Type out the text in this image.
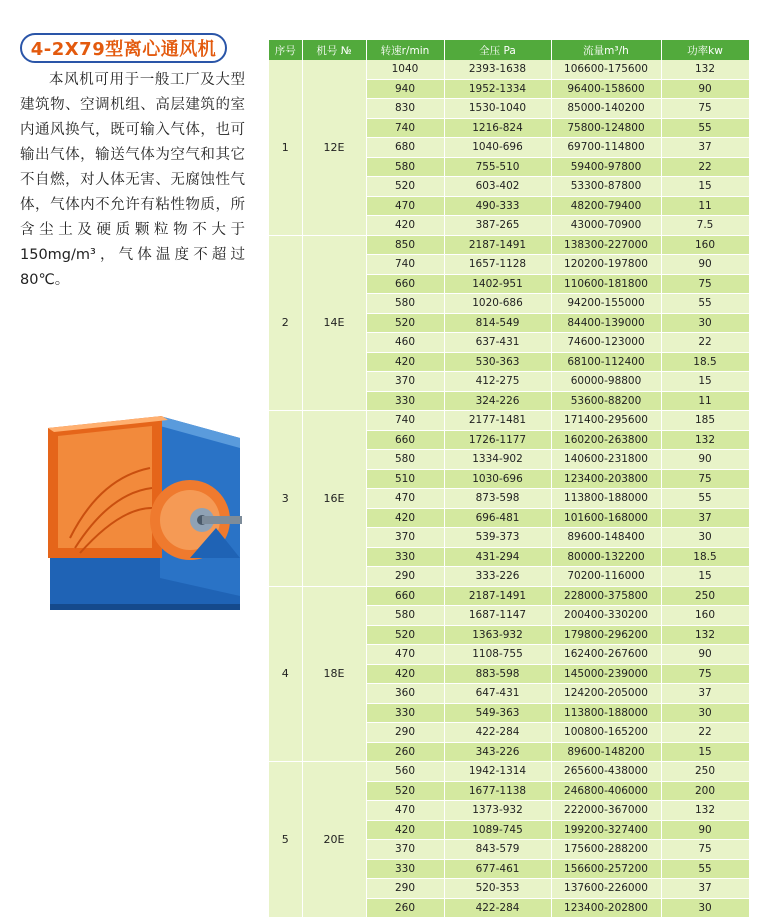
4-2X79型离心通风机
本风机可用于一般工厂及大型建筑物、空调机组、高层建筑的室内通风换气，既可输入气体，也可输出气体，输送气体为空气和其它不自燃，对人体无害、无腐蚀性气体，气体内不允许有粘性物质，所含尘土及硬质颗粒物不大于150mg/m³，气体温度不超过80℃。
序号	机号 №	转速r/min	全压 Pa	流量m³/h	功率kw
1	12E	1040	2393-1638	106600-175600	132
		940	1952-1334	96400-158600	90
		830	1530-1040	85000-140200	75
		740	1216-824	75800-124800	55
		680	1040-696	69700-114800	37
		580	755-510	59400-97800	22
		520	603-402	53300-87800	15
		470	490-333	48200-79400	11
		420	387-265	43000-70900	7.5
2	14E	850	2187-1491	138300-227000	160
		740	1657-1128	120200-197800	90
		660	1402-951	110600-181800	75
		580	1020-686	94200-155000	55
		520	814-549	84400-139000	30
		460	637-431	74600-123000	22
		420	530-363	68100-112400	18.5
		370	412-275	60000-98800	15
		330	324-226	53600-88200	11
3	16E	740	2177-1481	171400-295600	185
		660	1726-1177	160200-263800	132
		580	1334-902	140600-231800	90
		510	1030-696	123400-203800	75
		470	873-598	113800-188000	55
		420	696-481	101600-168000	37
		370	539-373	89600-148400	30
		330	431-294	80000-132200	18.5
		290	333-226	70200-116000	15
4	18E	660	2187-1491	228000-375800	250
		580	1687-1147	200400-330200	160
		520	1363-932	179800-296200	132
		470	1108-755	162400-267600	90
		420	883-598	145000-239000	75
		360	647-431	124200-205000	37
		330	549-363	113800-188000	30
		290	422-284	100800-165200	22
		260	343-226	89600-148200	15
5	20E	560	1942-1314	265600-438000	250
		520	1677-1138	246800-406000	200
		470	1373-932	222000-367000	132
		420	1089-745	199200-327400	90
		370	843-579	175600-288200	75
		330	677-461	156600-257200	55
		290	520-353	137600-226000	37
		260	422-284	123400-202800	30
